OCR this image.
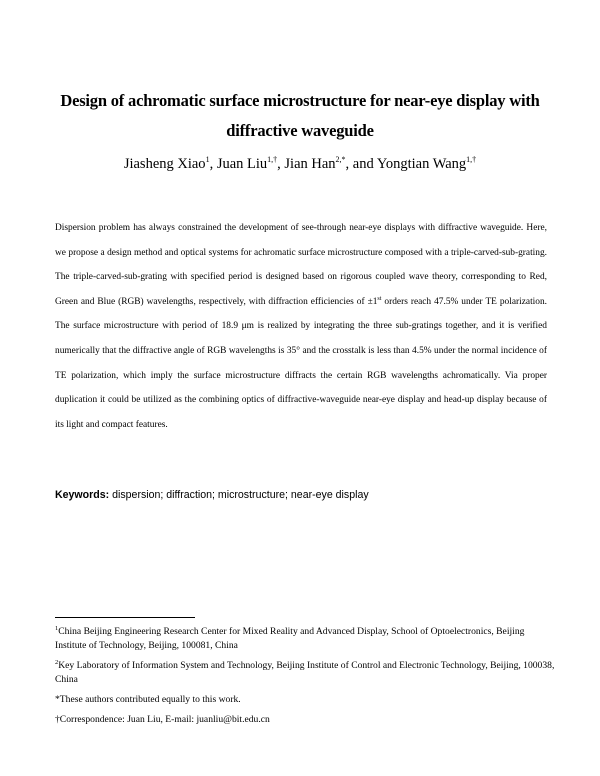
Design of achromatic surface microstructure for near-eye display with diffractive waveguide
Jiasheng Xiao$^1$, Juan Liu$^{1,\dagger}$, Jian Han$^{2,*}$, and Yongtian Wang$^{1,\dagger}$
Dispersion problem has always constrained the development of see-through near-eye displays with diffractive waveguide. Here, we propose a design method and optical systems for achromatic surface microstructure composed with a triple-carved-sub-grating. The triple-carved-sub-grating with specified period is designed based on rigorous coupled wave theory, corresponding to Red, Green and Blue (RGB) wavelengths, respectively, with diffraction efficiencies of ±1st orders reach 47.5% under TE polarization. The surface microstructure with period of 18.9 μm is realized by integrating the three sub-gratings together, and it is verified numerically that the diffractive angle of RGB wavelengths is 35° and the crosstalk is less than 4.5% under the normal incidence of TE polarization, which imply the surface microstructure diffracts the certain RGB wavelengths achromatically. Via proper duplication it could be utilized as the combining optics of diffractive-waveguide near-eye display and head-up display because of its light and compact features.
Keywords: dispersion; diffraction; microstructure; near-eye display
$^1$China Beijing Engineering Research Center for Mixed Reality and Advanced Display, School of Optoelectronics, Beijing Institute of Technology, Beijing, 100081, China
$^2$Key Laboratory of Information System and Technology, Beijing Institute of Control and Electronic Technology, Beijing, 100038, China
*These authors contributed equally to this work.
†Correspondence: Juan Liu, E-mail: juanliu@bit.edu.cn
